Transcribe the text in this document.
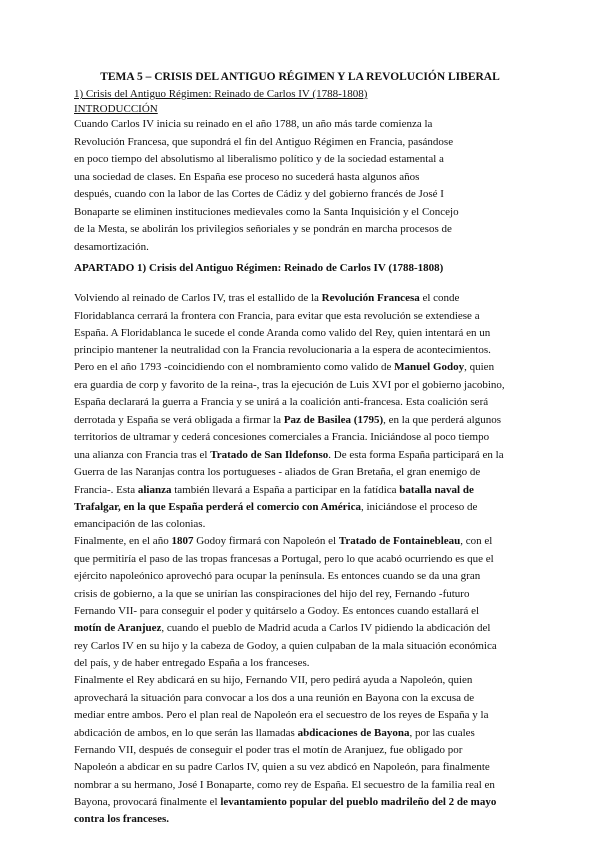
TEMA 5 – CRISIS DEL ANTIGUO RÉGIMEN Y LA REVOLUCIÓN LIBERAL
1) Crisis del Antiguo Régimen: Reinado de Carlos IV (1788-1808)
INTRODUCCIÓN
Cuando Carlos IV inicia su reinado en el año 1788, un año más tarde comienza la
Revolución Francesa, que supondrá el fin del Antiguo Régimen en Francia, pasándose
en poco tiempo del absolutismo al liberalismo político y de la sociedad estamental a
una sociedad de clases. En España ese proceso no sucederá hasta algunos años
después, cuando con la labor de las Cortes de Cádiz y del gobierno francés de José I
Bonaparte se eliminen instituciones medievales como la Santa Inquisición y el Concejo
de la Mesta, se abolirán los privilegios señoriales y se pondrán en marcha procesos de
desamortización.
APARTADO 1) Crisis del Antiguo Régimen: Reinado de Carlos IV (1788-1808)
Volviendo al reinado de Carlos IV, tras el estallido de la Revolución Francesa el conde
Floridablanca cerrará la frontera con Francia, para evitar que esta revolución se extendiese a
España. A Floridablanca le sucede el conde Aranda como valido del Rey, quien intentará en un
principio mantener la neutralidad con la Francia revolucionaria a la espera de acontecimientos.
Pero en el año 1793 -coincidiendo con el nombramiento como valido de Manuel Godoy, quien
era guardia de corp y favorito de la reina-, tras la ejecución de Luis XVI por el gobierno jacobino,
España declarará la guerra a Francia y se unirá a la coalición anti-francesa. Esta coalición será
derrotada y España se verá obligada a firmar la Paz de Basilea (1795), en la que perderá algunos
territorios de ultramar y cederá concesiones comerciales a Francia. Iniciándose al poco tiempo
una alianza con Francia tras el Tratado de San Ildefonso. De esta forma España participará en la
Guerra de las Naranjas contra los portugueses - aliados de Gran Bretaña, el gran enemigo de
Francia-. Esta alianza también llevará a España a participar en la fatídica batalla naval de
Trafalgar, en la que España perderá el comercio con América, iniciándose el proceso de
emancipación de las colonias.
Finalmente, en el año 1807 Godoy firmará con Napoleón el Tratado de Fontainebleau, con el
que permitiría el paso de las tropas francesas a Portugal, pero lo que acabó ocurriendo es que el
ejército napoleónico aprovechó para ocupar la península. Es entonces cuando se da una gran
crisis de gobierno, a la que se unirían las conspiraciones del hijo del rey, Fernando -futuro
Fernando VII- para conseguir el poder y quitárselo a Godoy. Es entonces cuando estallará el
motín de Aranjuez, cuando el pueblo de Madrid acuda a Carlos IV pidiendo la abdicación del
rey Carlos IV en su hijo y la cabeza de Godoy, a quien culpaban de la mala situación económica
del país, y de haber entregado España a los franceses.
Finalmente el Rey abdicará en su hijo, Fernando VII, pero pedirá ayuda a Napoleón, quien
aprovechará la situación para convocar a los dos a una reunión en Bayona con la excusa de
mediar entre ambos. Pero el plan real de Napoleón era el secuestro de los reyes de España y la
abdicación de ambos, en lo que serán las llamadas abdicaciones de Bayona, por las cuales
Fernando VII, después de conseguir el poder tras el motín de Aranjuez, fue obligado por
Napoleón a abdicar en su padre Carlos IV, quien a su vez abdicó en Napoleón, para finalmente
nombrar a su hermano, José I Bonaparte, como rey de España. El secuestro de la familia real en
Bayona, provocará finalmente el levantamiento popular del pueblo madrileño del 2 de mayo
contra los franceses.
